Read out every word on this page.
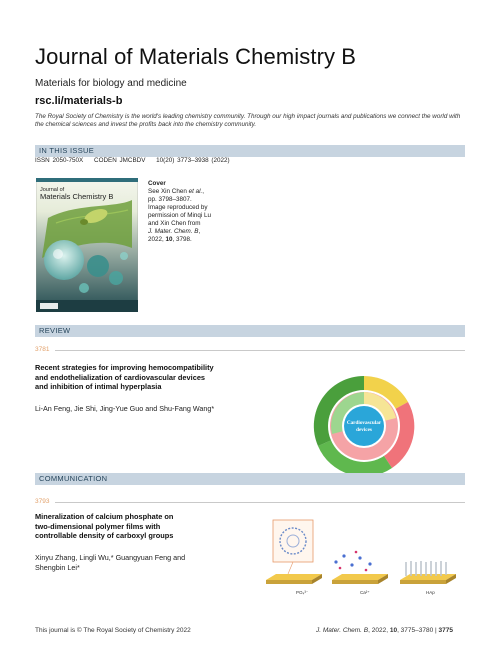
Journal of Materials Chemistry B
Materials for biology and medicine
rsc.li/materials-b
The Royal Society of Chemistry is the world's leading chemistry community. Through our high impact journals and publications we connect the world with the chemical sciences and invest the profits back into the chemistry community.
IN THIS ISSUE
ISSN 2050-750X CODEN JMCBDV 10(20) 3773–3938 (2022)
Journal of
Materials Chemistry B
Cover
See Xin Chen et al.,
pp. 3798–3807.
Image reproduced by
permission of Minqi Lu
and Xin Chen from
J. Mater. Chem. B,
2022, 10, 3798.
REVIEW
3781
Recent strategies for improving hemocompatibility
and endothelialization of cardiovascular devices
and inhibition of intimal hyperplasia
Li-An Feng, Jie Shi, Jing-Yue Guo and Shu-Fang Wang*
Cardiovascular
devices
COMMUNICATION
3793
Mineralization of calcium phosphate on
two-dimensional polymer films with
controllable density of carboxyl groups
Xinyu Zhang, Lingli Wu,* Guangyuan Feng and
Shengbin Lei*
PO₄³⁻	Ca²⁺	HAp
This journal is © The Royal Society of Chemistry 2022	J. Mater. Chem. B, 2022, 10, 3775–3780 | 3775
